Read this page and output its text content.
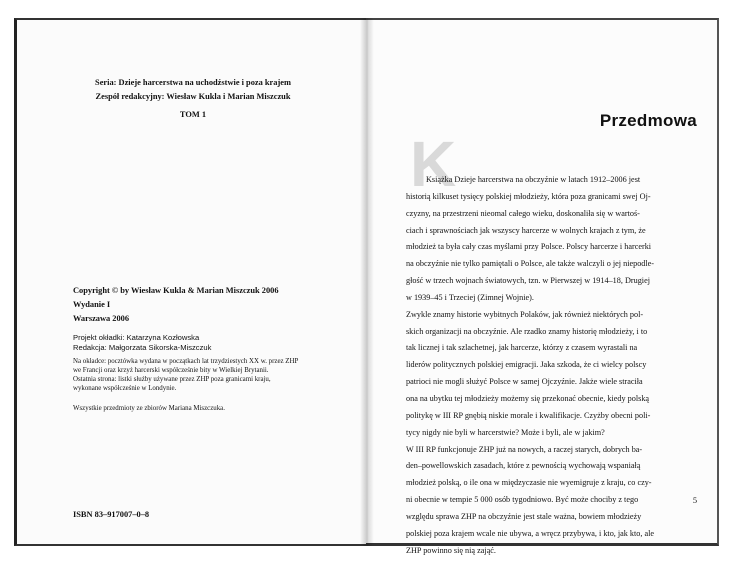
Seria: Dzieje harcerstwa na uchodźstwie i poza krajem
Zespół redakcyjny: Wiesław Kukla i Marian Miszczuk
TOM 1
Copyright © by Wiesław Kukla & Marian Miszczuk 2006
Wydanie I
Warszawa 2006
Projekt okładki: Katarzyna Kozłowska
Redakcja: Małgorzata Sikorska-Miszczuk
Na okładce: pocztówka wydana w początkach lat trzydziestych XX w. przez ZHP
we Francji oraz krzyż harcerski współcześnie bity w Wielkiej Brytanii.
Ostatnia strona: listki służby używane przez ZHP poza granicami kraju,
wykonane współcześnie w Londynie.
Wszystkie przedmioty ze zbiorów Mariana Miszczuka.
ISBN 83–917007–0–8
K
Przedmowa

Książka Dzieje harcerstwa na obczyźnie w latach 1912–2006 jest

historią kilkuset tysięcy polskiej młodzieży, która poza granicami swej Oj-

czyzny, na przestrzeni nieomal całego wieku, doskonaliła się w wartoś-

ciach i sprawnościach jak wszyscy harcerze w wolnych krajach z tym, że

młodzież ta była cały czas myślami przy Polsce. Polscy harcerze i harcerki

na obczyźnie nie tylko pamiętali o Polsce, ale także walczyli o jej niepodle-

głość w trzech wojnach światowych, tzn. w Pierwszej w 1914–18, Drugiej

w 1939–45 i Trzeciej (Zimnej Wojnie).

Zwykle znamy historie wybitnych Polaków, jak również niektórych pol-

skich organizacji na obczyźnie. Ale rzadko znamy historię młodzieży, i to

tak licznej i tak szlachetnej, jak harcerze, którzy z czasem wyrastali na

liderów politycznych polskiej emigracji. Jaka szkoda, że ci wielcy polscy

patrioci nie mogli służyć Polsce w samej Ojczyźnie. Jakże wiele straciła

ona na ubytku tej młodzieży możemy się przekonać obecnie, kiedy polską

politykę w III RP gnębią niskie morale i kwalifikacje. Czyżby obecni poli-

tycy nigdy nie byli w harcerstwie? Może i byli, ale w jakim?

W III RP funkcjonuje ZHP już na nowych, a raczej starych, dobrych ba-

den–powellowskich zasadach, które z pewnością wychowają wspaniałą

młodzież polską, o ile ona w międzyczasie nie wyemigruje z kraju, co czy-

ni obecnie w tempie 5 000 osób tygodniowo. Być może chociby z tego

względu sprawa ZHP na obczyźnie jest stale ważna, bowiem młodzieży

polskiej poza krajem wcale nie ubywa, a wręcz przybywa, i kto, jak kto, ale

ZHP powinno się nią zająć.

5
